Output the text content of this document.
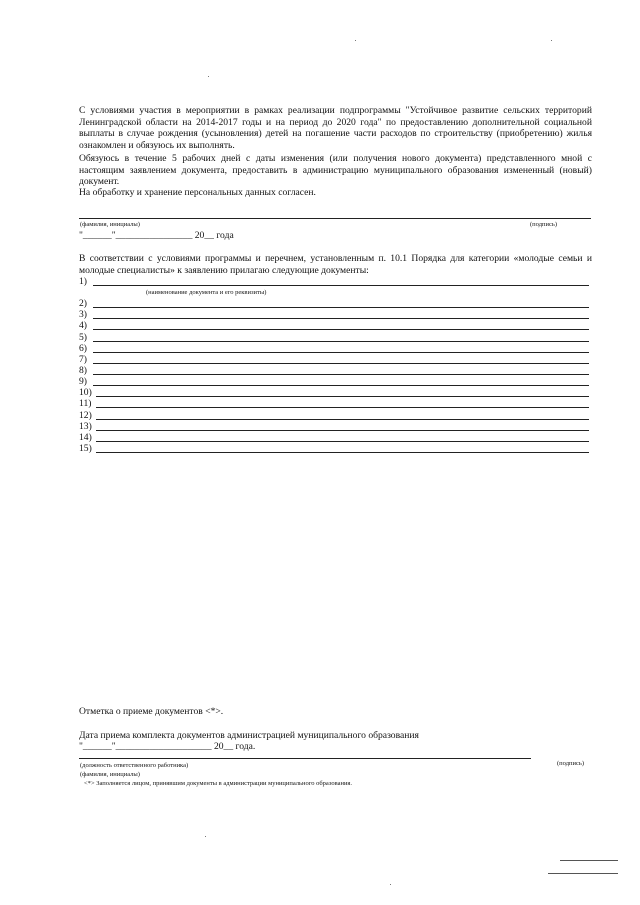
С условиями участия в мероприятии в рамках реализации подпрограммы "Устойчивое развитие сельских территорий Ленинградской области на 2014-2017 годы и на период до 2020 года" по предоставлению дополнительной социальной выплаты в случае рождения (усыновления) детей на погашение части расходов по строительству (приобретению) жилья ознакомлен и обязуюсь их выполнять.
Обязуюсь в течение 5 рабочих дней с даты изменения (или получения нового документа) представленного мной с настоящим заявлением документа, предоставить в администрацию муниципального образования измененный (новый) документ.
На обработку и хранение персональных данных согласен.
(фамилия, инициалы)	(подпись)
"______"________________ 20__ года
В соответствии с условиями программы и перечнем, установленным п. 10.1 Порядка для категории «молодые семьи и молодые специалисты» к заявлению прилагаю следующие документы:
1)
(наименование документа и его реквизиты)
2)
3)
4)
5)
6)
7)
8)
9)
10)
11)
12)
13)
14)
15)
Отметка о приеме документов <*>.
Дата приема комплекта документов администрацией муниципального образования
"______"____________________ 20__ года.
(должность ответственного работника)	(подпись)
(фамилия, инициалы)
<*> Заполняется лицом, принявшим документы в администрации муниципального образования.
